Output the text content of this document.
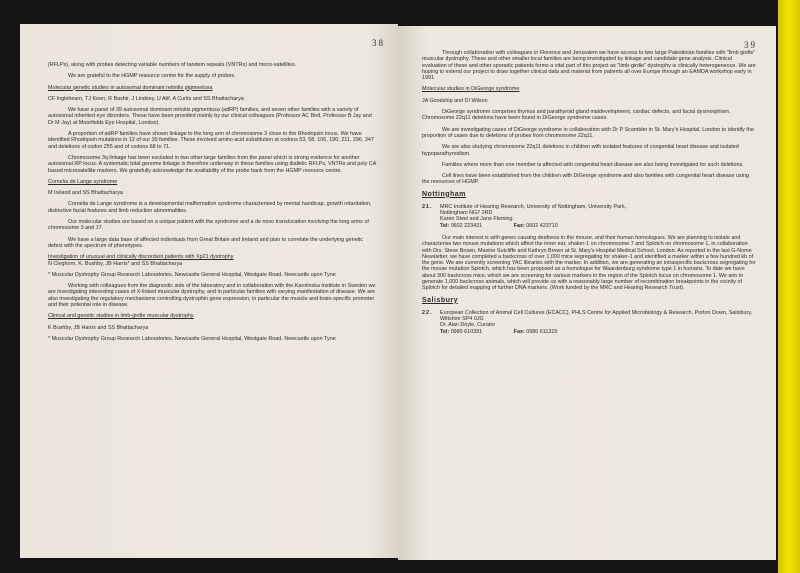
38

(RFLPs), along with probes detecting variable numbers of tandem repeats (VNTRs) and micro-satellites.

We are grateful to the HGMP resource centre for the supply of probes.

Molecular genetic studies in autosomal dominant retinitis pigmentosa

CF Inglehearn, TJ Keen, R Bashir, J Lindsey, U Atif, A Curtis and SS Bhattacharya

We have a panel of 39 autosomal dominant retinitis pigmentosa (adRP) families, and seven other families with a variety of autosomal inherited eye disorders. These have been provided mainly by our clinical colleagues (Professor AC Bird, Professor B Jay and Dr M Jay) at Moorfields Eye Hospital, London).

A proportion of adRP families have shown linkage to the long arm of chromosome 3 close to the Rhodopsin locus. We have identified Rhodopsin mutations in 12 of our 39 families. These involved amino acid substitution at codons 53, 58, 106, 190, 211, 296, 347 and deletions of codon 255 and of codons 68 to 71.

Chromosome 3q linkage has been excluded in two other large families from the panel which is strong evidence for another autosomal RP locus. A systematic total genome linkage is therefore underway in these families using diallelic RFLPs, VNTRs and poly CA based microsatellite markers. We gratefully acknowledge the availability of the probe bank from the HGMP resource centre.

Cornelia de Lange syndrome

M Ireland and SS Bhattacharya

Cornelia de Lange syndrome is a developmental malformation syndrome characterised by mental handicap, growth retardation, distinctive facial features and limb reduction abnormalities.

Our molecular studies are based on a unique patient with the syndrome and a de novo translocation involving the long arms of chromosome 3 and 17.

We have a large data base of affected individuals from Great Britain and Ireland and plan to correlate the underlying genetic defect with the spectrum of phenotypes.

Investigation of unusual and clinically discordant patients with Xp21 dystrophy

N Cleghorn, K. Bushby, JB Harris* and SS Bhattacharya

* Muscular Dystrophy Group Research Laboratories, Newcastle General Hospital, Westgate Road, Newcastle upon Tyne

Working with colleagues from the diagnostic side of the laboratory and in collaboration with the Karolinska Institute in Sweden we are investigating interesting cases of X-linked muscular dystrophy, and in particular families with varying manifestation of disease. We are also investigating the regulatory mechanisms controlling dystrophin gene expression, in particular the muscle and brain-specific promoter and their potential role in disease.

Clinical and genetic studies in limb-girdle muscular dystrophy

K Bushby, JB Harris and SS Bhattacharya

* Muscular Dystrophy Group Research Laboratories, Newcastle General Hospital, Westgate Road, Newcastle upon Tyne

39

Through collaboration with colleagues in Florence and Jerusalem we have access to two large Palestinian families with "limb girdle" muscular dystrophy. These and other smaller local families are being investigated by linkage and candidate gene analysis. Clinical evaluation of these and other sporadic patients forms a vital part of this project as "limb-girdle" dystrophy is clinically heterogeneous. We are hoping to extend our project to draw together clinical data and material from patients all over Europe through an EAMDA workshop early in 1991.

Molecular studies in DiGeorge syndrome

JA Goodship and DI Wilson

DiGeorge syndrome comprises thymus and parathyroid gland maldevelopment, cardiac defects, and facial dysmorphism. Chromosome 22q11 deletions have been found in DiGeorge syndrome cases.

We are investigating cases of DiGeorge syndrome in collaboration with Dr P Scambler in St. Mary's Hospital, London to identify the proportion of cases due to deletions of probes from chromosome 22q11.

We are also studying chromosome 22q11 deletions in children with isolated features of congenital heart disease and isolated hypoparathyroidism.

Families where more than one member is affected with congenital heart disease are also being investigated for such deletions.

Cell lines have been established from the children with DiGeorge syndrome and also families with congenital heart disease using the resources of HGMP.

Nottingham
21.	MRC Institute of Hearing Research, University of Nottingham, University Park,
Nottingham NG7 2RD
Karen Steel and Jane Fleming
Tel: 0602 223431	Fax: 0602 423710

Our main interest is with genes causing deafness in the mouse, and their human homologues. We are planning to isolate and characterise two mouse mutations which affect the inner ear, shaker-1 on chromosome 7 and Splotch on chromosome 1, in collaboration with Drs. Steve Brown, Maxine Sutcliffe and Kathryn Brown at St. Mary's Hospital Medical School, London. As reported in the last G-Nome Newsletter, we have completed a backcross of over 1,000 mice segregating for shaker-1 and identified a marker within a few hundred kb of the gene. We are currently screening YAC libraries with the marker. In addition, we are generating an intraspecific backcross segregating for the mouse mutation Splotch, which has been proposed as a homologue for Waardenburg syndrome type 1 in humans. To date we have about 300 backcross mice, which we are screening for various markers in the region of the Splotch locus on chromosome 1. We aim to generate 1,000 backcross animals, which will provide us with a reasonably large number of recombination breakpoints in the vicinity of Splotch for detailed mapping of further DNA markers. (Work funded by the MRC and Hearing Research Trust).

Salisbury
22.	European Collection of Animal Cell Cultures (ECACC), PHLS Centre for Applied Microbiology & Research, Porton Down, Salisbury, Wiltshire SP4 0JG
Dr. Alan Doyle, Curator
Tel: 0980 610391	Fax: 0980 611315
